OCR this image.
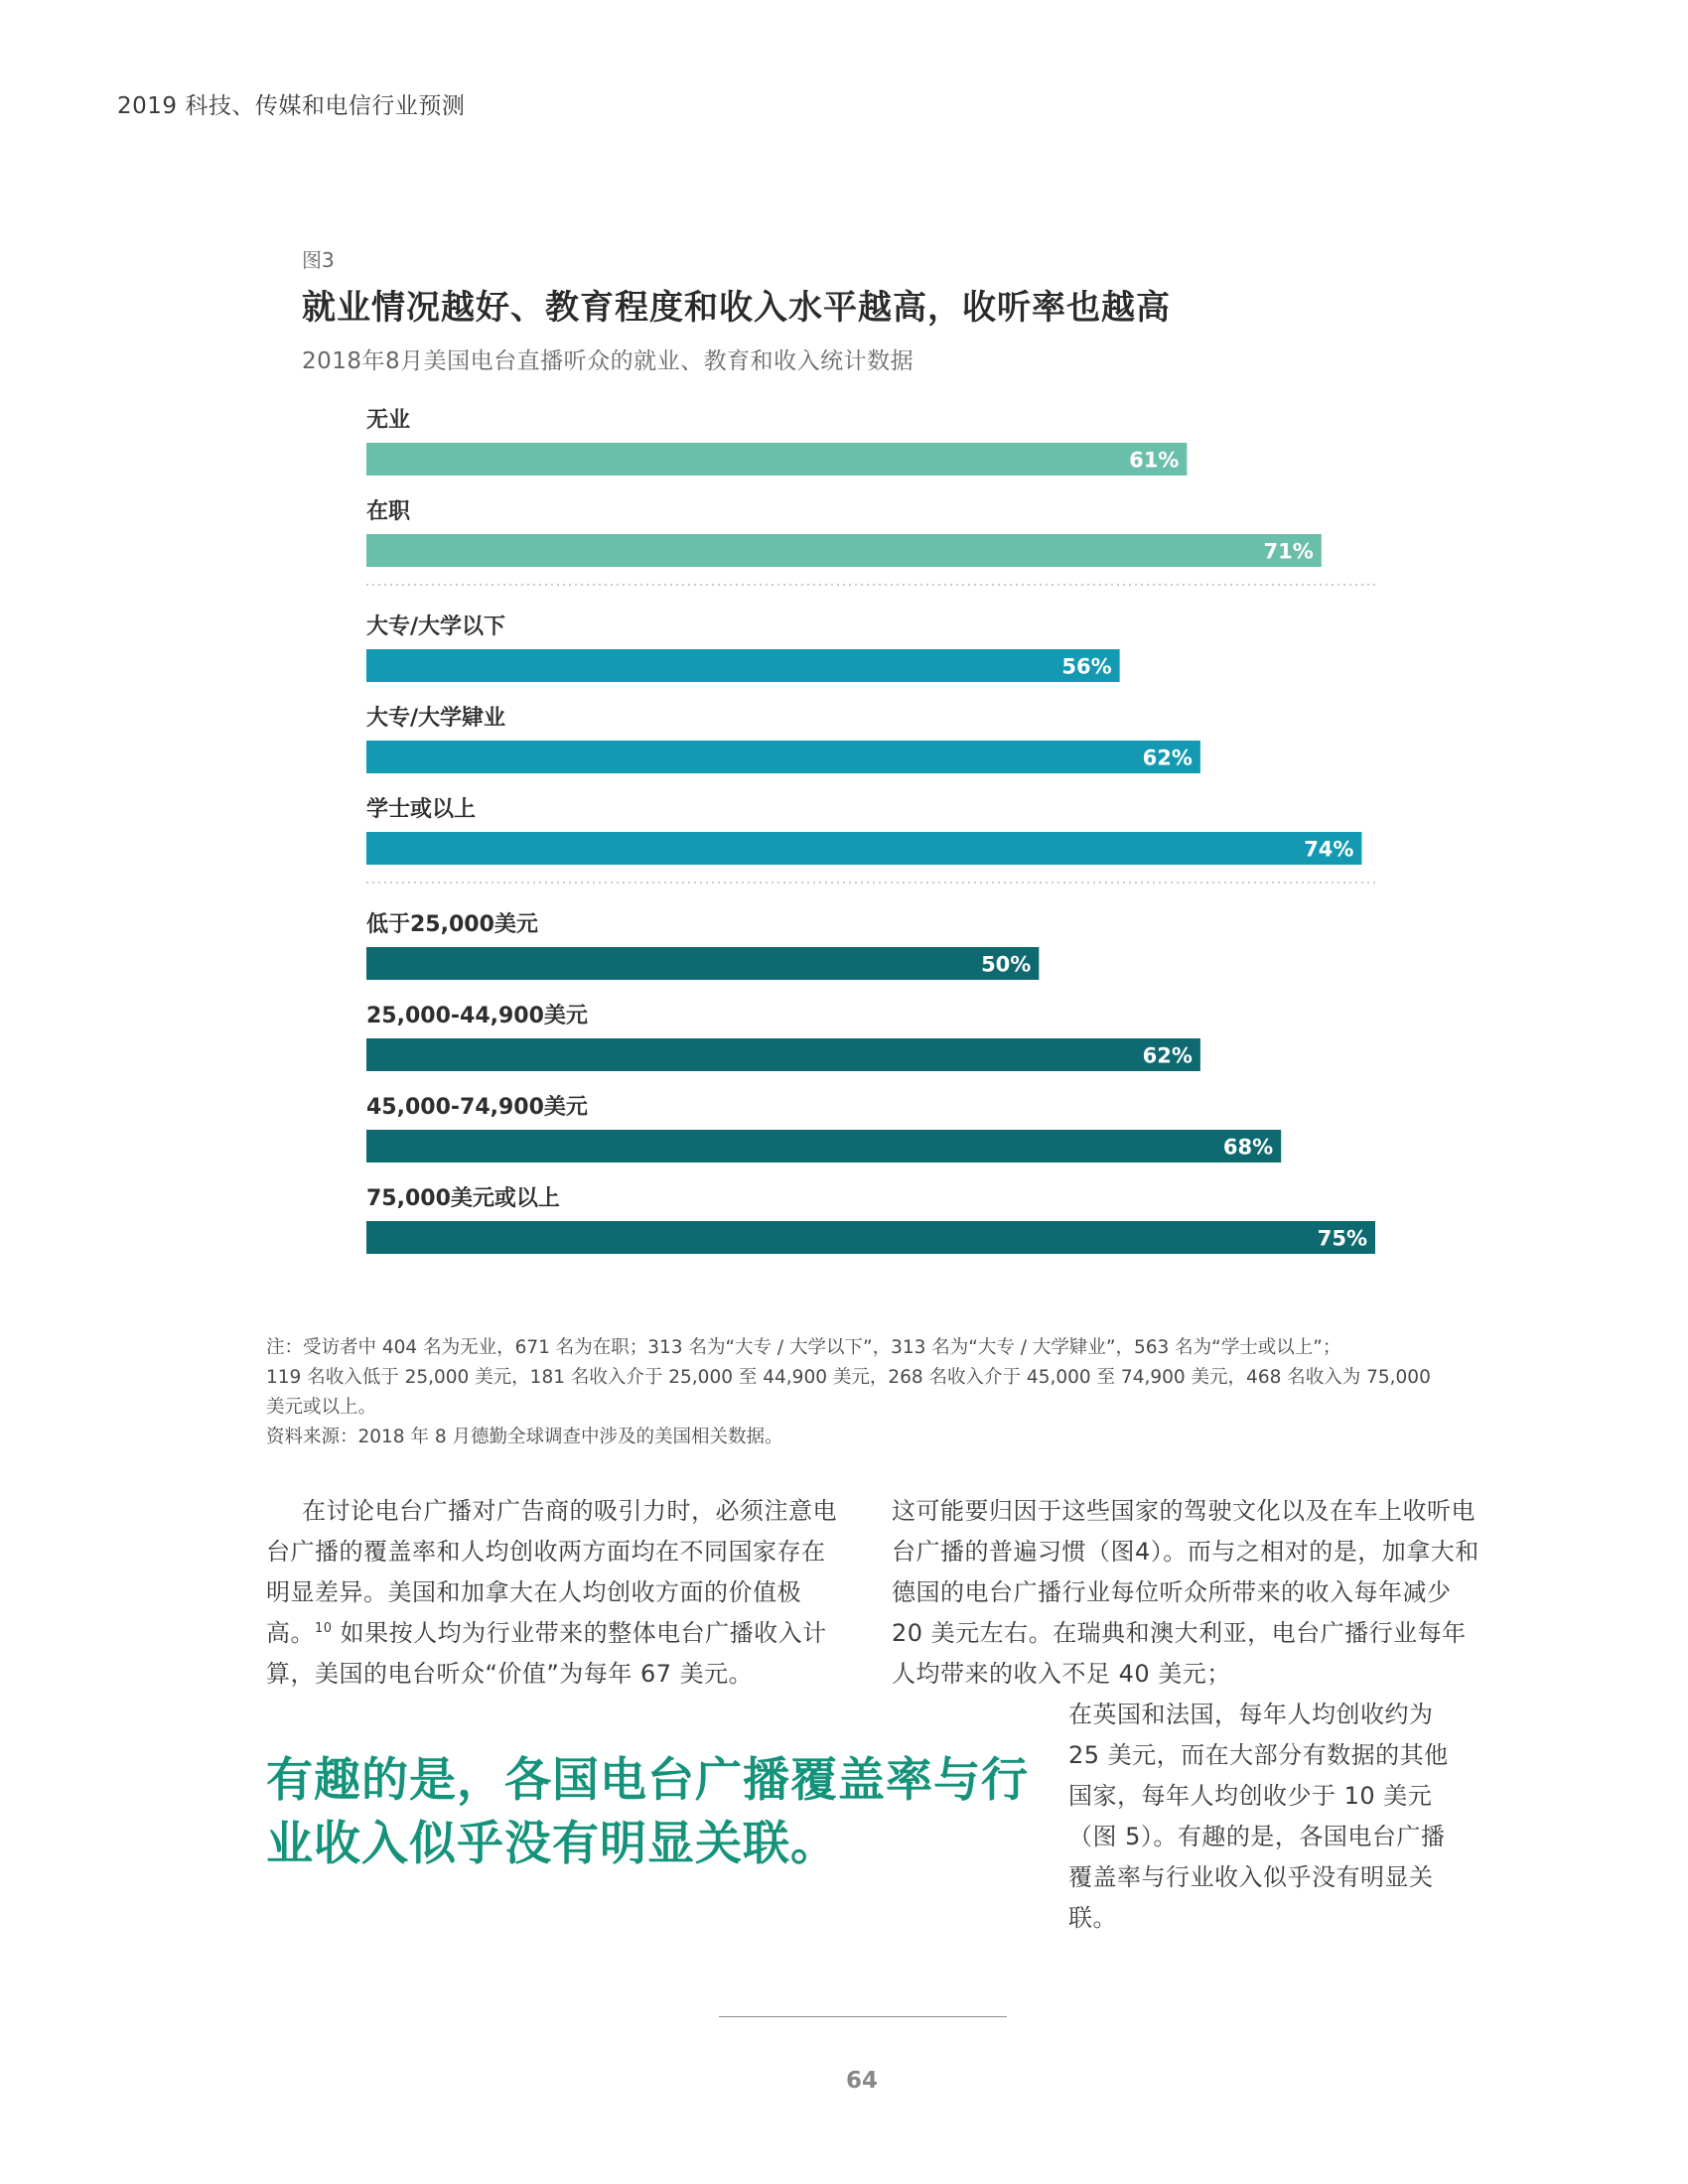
2019 科技、传媒和电信行业预测
图3
就业情况越好、教育程度和收入水平越高，收听率也越高
2018年8月美国电台直播听众的就业、教育和收入统计数据
无业
61%
在职
71%
大专/大学以下
56%
大专/大学肄业
62%
学士或以上
74%
低于25,000美元
50%
25,000-44,900美元
62%
45,000-74,900美元
68%
75,000美元或以上
75%

注：受访者中 404 名为无业，671 名为在职；313 名为“大专 / 大学以下”，313 名为“大专 / 大学肄业”，563 名为“学士或以上”；

119 名收入低于 25,000 美元，181 名收入介于 25,000 至 44,900 美元，268 名收入介于 45,000 至 74,900 美元，468 名收入为 75,000

美元或以上。

资料来源：2018 年 8 月德勤全球调查中涉及的美国相关数据。

在讨论电台广播对广告商的吸引力时，必须注意电台广播的覆盖率和人均创收两方面均在不同国家存在明显差异。美国和加拿大在人均创收方面的价值极高。$^{10}$ 如果按人均为行业带来的整体电台广播收入计算，美国的电台听众“价值”为每年 67 美元。

这可能要归因于这些国家的驾驶文化以及在车上收听电台广播的普遍习惯（图4）。而与之相对的是，加拿大和德国的电台广播行业每位听众所带来的收入每年减少 20 美元左右。在瑞典和澳大利亚，电台广播行业每年人均带来的收入不足 40 美元；

在英国和法国，每年人均创收约为 25 美元，而在大部分有数据的其他国家，每年人均创收少于 10 美元（图 5）。有趣的是，各国电台广播覆盖率与行业收入似乎没有明显关联。

有趣的是，各国电台广播覆盖率与行业收入似乎没有明显关联。
64
